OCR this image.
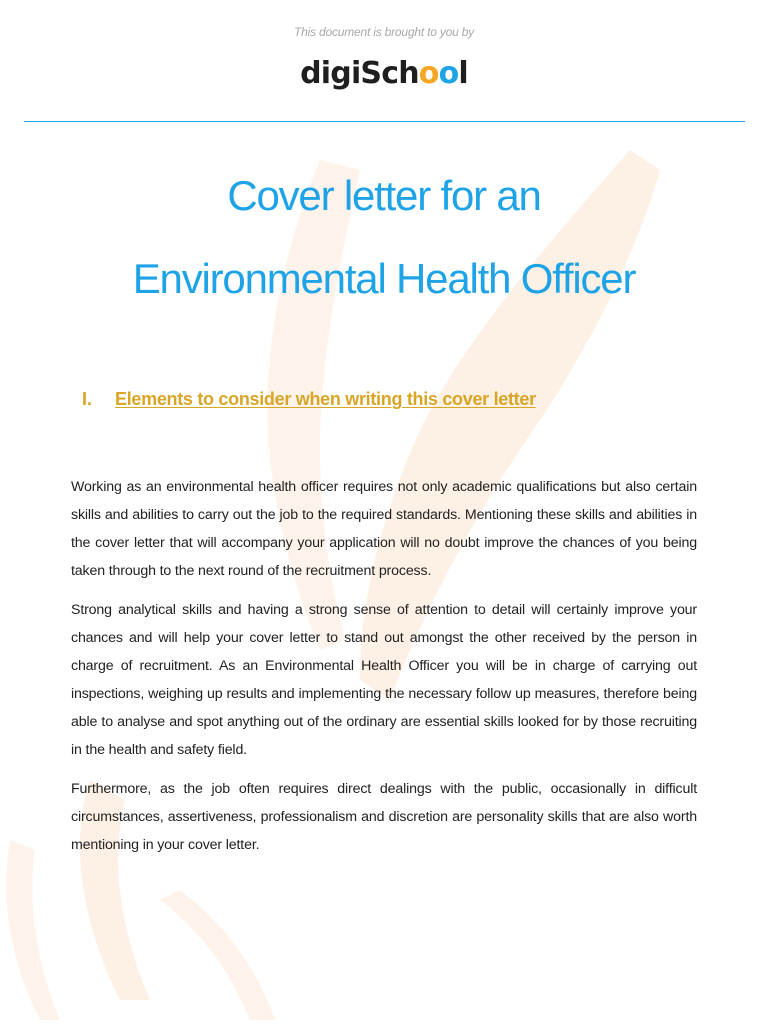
This document is brought to you by
digiSchool
Cover letter for an
Environmental Health Officer
I. Elements to consider when writing this cover letter

Working as an environmental health officer requires not only academic qualifications but also certain skills and abilities to carry out the job to the required standards. Mentioning these skills and abilities in the cover letter that will accompany your application will no doubt improve the chances of you being taken through to the next round of the recruitment process.

Strong analytical skills and having a strong sense of attention to detail will certainly improve your chances and will help your cover letter to stand out amongst the other received by the person in charge of recruitment. As an Environmental Health Officer you will be in charge of carrying out inspections, weighing up results and implementing the necessary follow up measures, therefore being able to analyse and spot anything out of the ordinary are essential skills looked for by those recruiting in the health and safety field.

Furthermore, as the job often requires direct dealings with the public, occasionally in difficult circumstances, assertiveness, professionalism and discretion are personality skills that are also worth mentioning in your cover letter.
